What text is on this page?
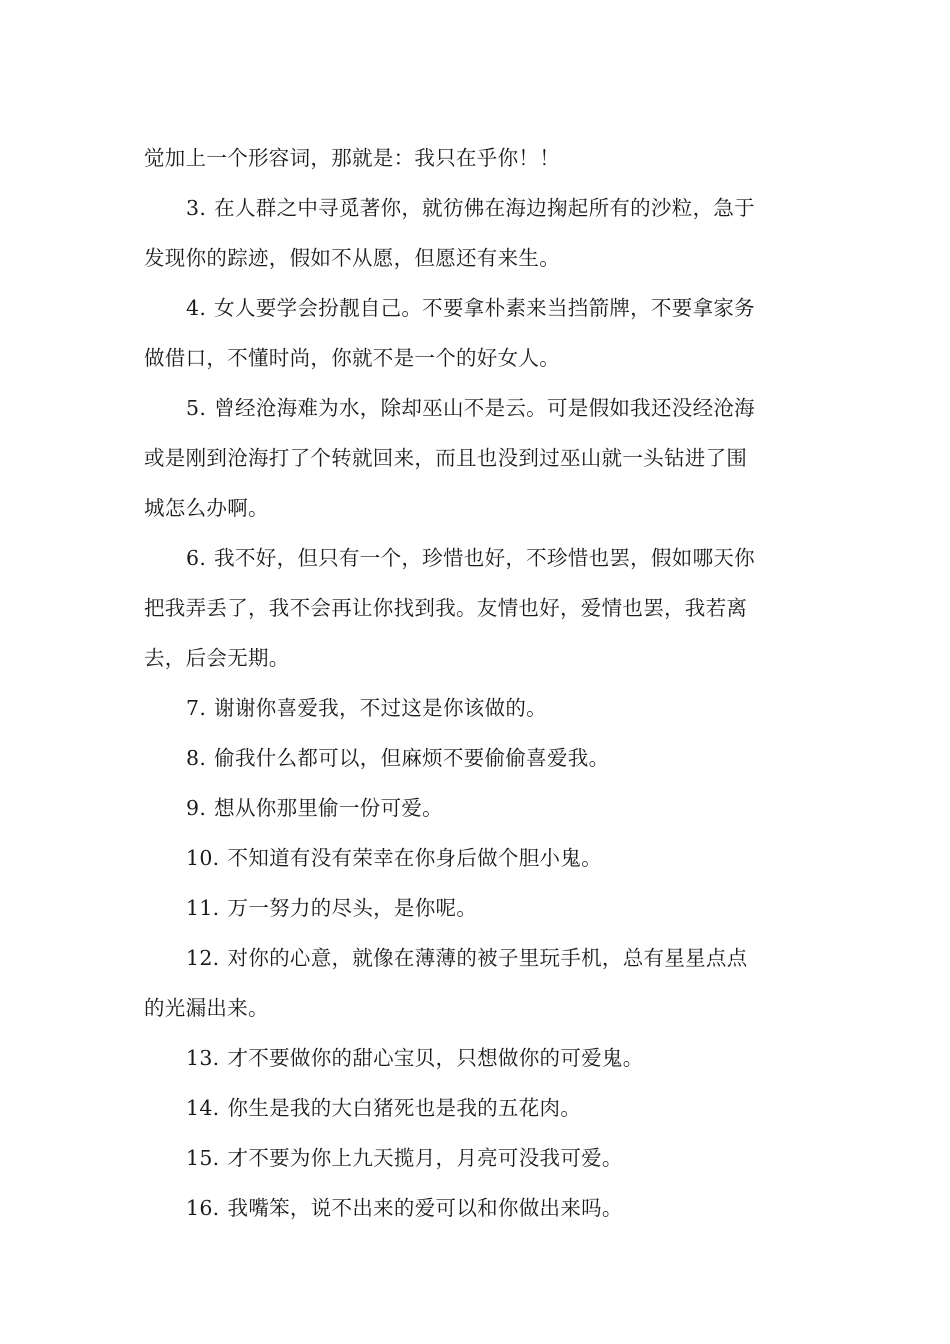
觉加上一个形容词，那就是：我只在乎你！！
3. 在人群之中寻觅著你，就彷佛在海边掬起所有的沙粒，急于
发现你的踪迹，假如不从愿，但愿还有来生。
4. 女人要学会扮靓自己。不要拿朴素来当挡箭牌，不要拿家务
做借口，不懂时尚，你就不是一个的好女人。
5. 曾经沧海难为水，除却巫山不是云。可是假如我还没经沧海
或是刚到沧海打了个转就回来，而且也没到过巫山就一头钻进了围
城怎么办啊。
6. 我不好，但只有一个，珍惜也好，不珍惜也罢，假如哪天你
把我弄丢了，我不会再让你找到我。友情也好，爱情也罢，我若离
去，后会无期。
7. 谢谢你喜爱我，不过这是你该做的。
8. 偷我什么都可以，但麻烦不要偷偷喜爱我。
9. 想从你那里偷一份可爱。
10. 不知道有没有荣幸在你身后做个胆小鬼。
11. 万一努力的尽头，是你呢。
12. 对你的心意，就像在薄薄的被子里玩手机，总有星星点点
的光漏出来。
13. 才不要做你的甜心宝贝，只想做你的可爱鬼。
14. 你生是我的大白猪死也是我的五花肉。
15. 才不要为你上九天揽月，月亮可没我可爱。
16. 我嘴笨，说不出来的爱可以和你做出来吗。
